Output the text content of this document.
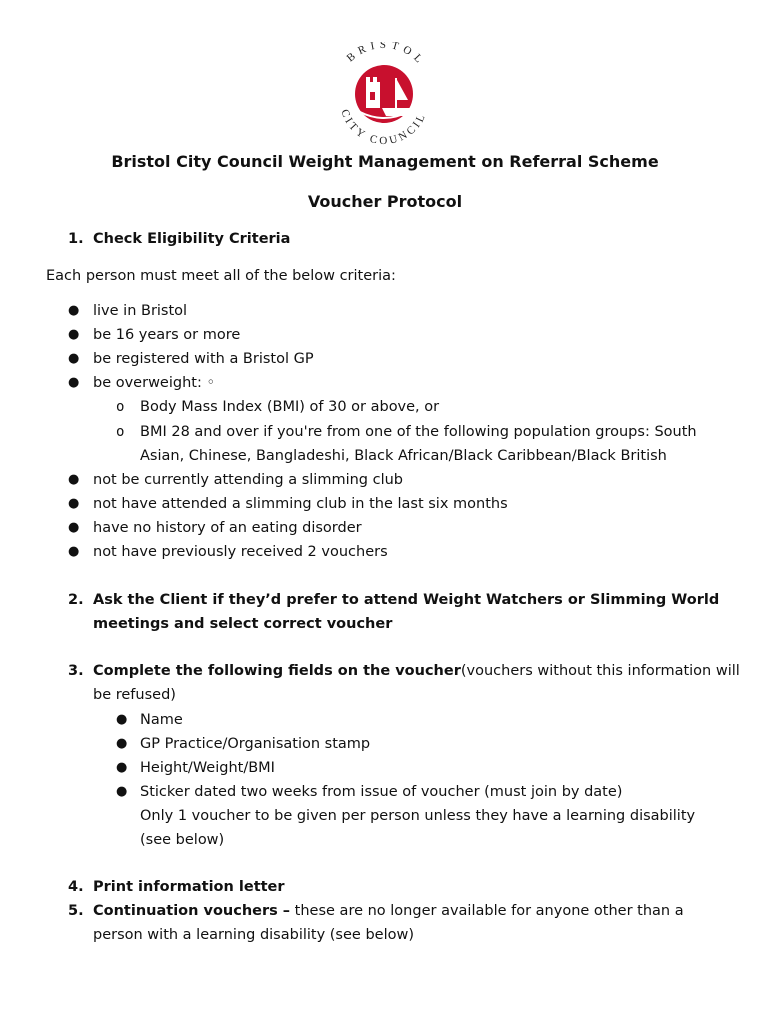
BRISTOL
CITY COUNCIL
Bristol City Council Weight Management on Referral Scheme
Voucher Protocol
1. Check Eligibility Criteria
Each person must meet all of the below criteria:
● live in Bristol
● be 16 years or more
● be registered with a Bristol GP
● be overweight: ◦
o Body Mass Index (BMI) of 30 or above, or
o BMI 28 and over if you're from one of the following population groups: South
Asian, Chinese, Bangladeshi, Black African/Black Caribbean/Black British
● not be currently attending a slimming club
● not have attended a slimming club in the last six months
● have no history of an eating disorder
● not have previously received 2 vouchers
2. Ask the Client if they’d prefer to attend Weight Watchers or Slimming World
meetings and select correct voucher
3. Complete the following fields on the voucher(vouchers without this information will
be refused)
● Name
● GP Practice/Organisation stamp
● Height/Weight/BMI
● Sticker dated two weeks from issue of voucher (must join by date)
Only 1 voucher to be given per person unless they have a learning disability
(see below)
4. Print information letter
5. Continuation vouchers – these are no longer available for anyone other than a
person with a learning disability (see below)
